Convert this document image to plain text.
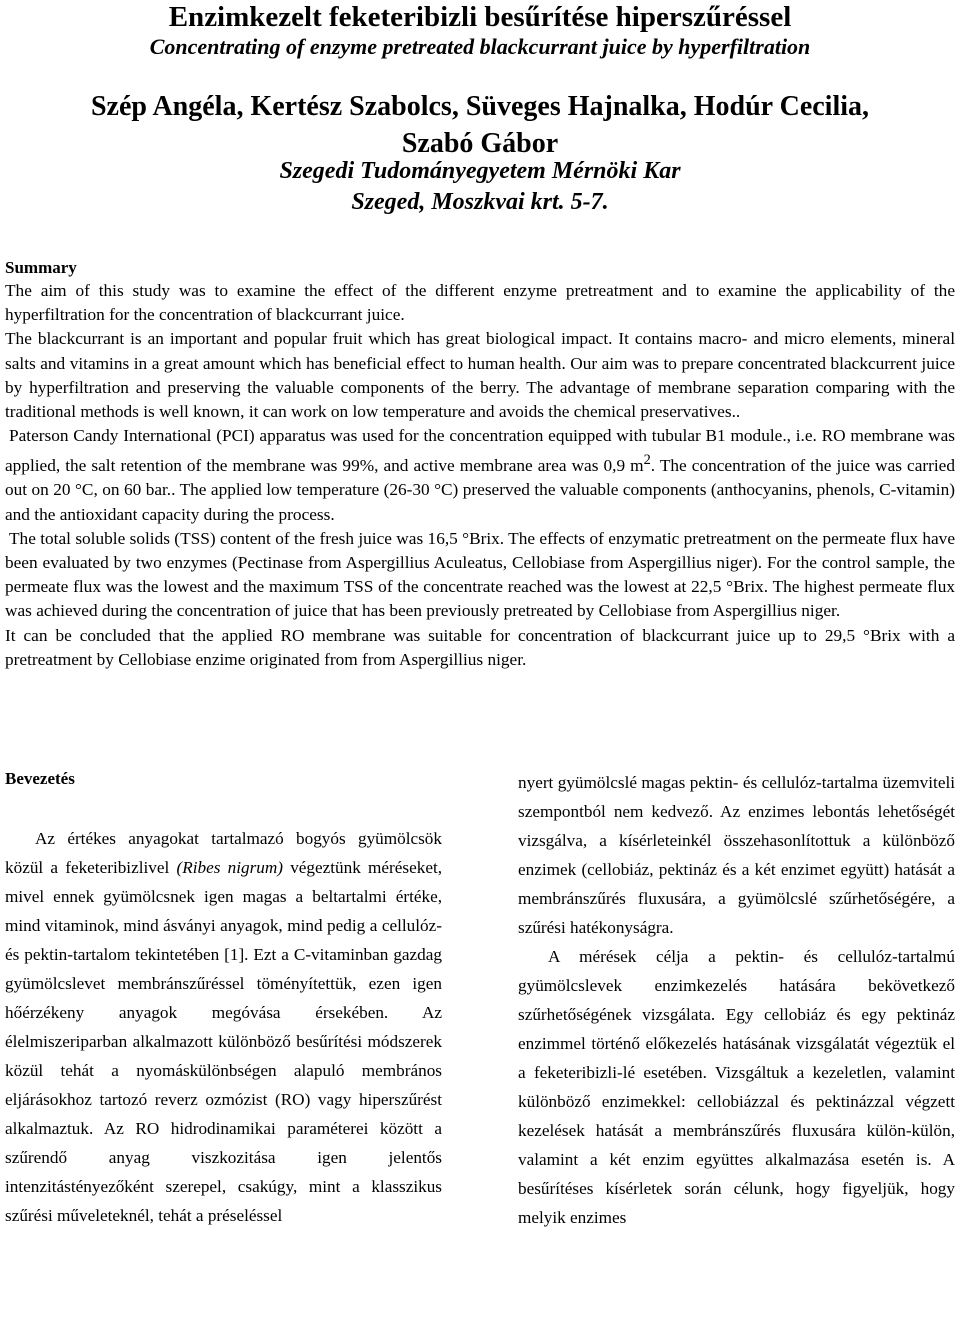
Enzimkezelt feketeribizli besűrítése hiperszűréssel
Concentrating of enzyme pretreated blackcurrant juice by hyperfiltration
Szép Angéla, Kertész Szabolcs, Süveges Hajnalka, Hodúr Cecilia,
Szabó Gábor
Szegedi Tudományegyetem Mérnöki Kar
Szeged, Moszkvai krt. 5-7.
Summary

The aim of this study was to examine the effect of the different enzyme pretreatment and to examine the applicability of the hyperfiltration for the concentration of blackcurrant juice.

The blackcurrant is an important and popular fruit which has great biological impact. It contains macro- and micro elements, mineral salts and vitamins in a great amount which has beneficial effect to human health. Our aim was to prepare concentrated blackcurrent juice by hyperfiltration and preserving the valuable components of the berry. The advantage of membrane separation comparing with the traditional methods is well known, it can work on low temperature and avoids the chemical preservatives..

Paterson Candy International (PCI) apparatus was used for the concentration equipped with tubular B1 module., i.e. RO membrane was applied, the salt retention of the membrane was 99%, and active membrane area was 0,9 $m^2$. The concentration of the juice was carried out on 20 °C, on 60 bar.. The applied low temperature (26-30 °C) preserved the valuable components (anthocyanins, phenols, C-vitamin) and the antioxidant capacity during the process.

The total soluble solids (TSS) content of the fresh juice was 16,5 °Brix. The effects of enzymatic pretreatment on the permeate flux have been evaluated by two enzymes (Pectinase from Aspergillius Aculeatus, Cellobiase from Aspergillius niger). For the control sample, the permeate flux was the lowest and the maximum TSS of the concentrate reached was the lowest at 22,5 °Brix. The highest permeate flux was achieved during the concentration of juice that has been previously pretreated by Cellobiase from Aspergillius niger.

It can be concluded that the applied RO membrane was suitable for concentration of blackcurrant juice up to 29,5 °Brix with a pretreatment by Cellobiase enzime originated from from Aspergillius niger.

Bevezetés

Az értékes anyagokat tartalmazó bogyós gyümölcsök közül a feketeribizlivel (Ribes nigrum) végeztünk méréseket, mivel ennek gyümölcsnek igen magas a beltartalmi értéke, mind vitaminok, mind ásványi anyagok, mind pedig a cellulóz- és pektin-tartalom tekintetében [1]. Ezt a C-vitaminban gazdag gyümölcslevet membránszűréssel töményítettük, ezen igen hőérzékeny anyagok megóvása érsekében. Az élelmiszeriparban alkalmazott különböző besűrítési módszerek közül tehát a nyomáskülönbségen alapuló membrános eljárásokhoz tartozó reverz ozmózist (RO) vagy hiperszűrést alkalmaztuk. Az RO hidrodinamikai paraméterei között a szűrendő anyag viszkozitása igen jelentős intenzitástényezőként szerepel, csakúgy, mint a klasszikus szűrési műveleteknél, tehát a préseléssel

nyert gyümölcslé magas pektin- és cellulóz-tartalma üzemviteli szempontból nem kedvező. Az enzimes lebontás lehetőségét vizsgálva, a kísérleteinkél összehasonlítottuk a különböző enzimek (cellobiáz, pektináz és a két enzimet együtt) hatását a membránszűrés fluxusára, a gyümölcslé szűrhetőségére, a szűrési hatékonyságra.

A mérések célja a pektin- és cellulóz-tartalmú gyümölcslevek enzimkezelés hatására bekövetkező szűrhetőségének vizsgálata. Egy cellobiáz és egy pektináz enzimmel történő előkezelés hatásának vizsgálatát végeztük el a feketeribizli-lé esetében. Vizsgáltuk a kezeletlen, valamint különböző enzimekkel: cellobiázzal és pektinázzal végzett kezelések hatását a membránszűrés fluxusára külön-külön, valamint a két enzim együttes alkalmazása esetén is. A besűrítéses kísérletek során célunk, hogy figyeljük, hogy melyik enzimes
